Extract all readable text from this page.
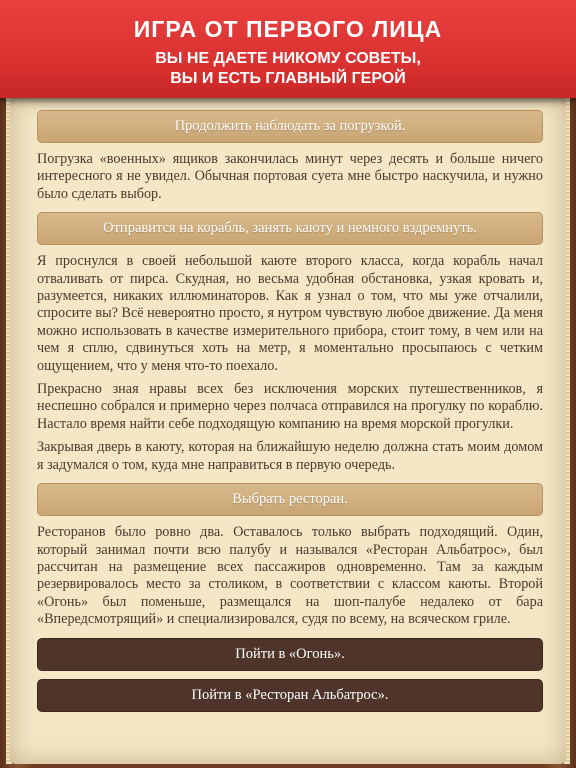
ИГРА ОТ ПЕРВОГО ЛИЦА
ВЫ НЕ ДАЕТЕ НИКОМУ СОВЕТЫ,
ВЫ И ЕСТЬ ГЛАВНЫЙ ГЕРОЙ
Продолжить наблюдать за погрузкой.

Погрузка «военных» ящиков закончилась минут через десять и больше ничего интересного я не увидел. Обычная портовая суета мне быстро наскучила, и нужно было сделать выбор.

Отправится на корабль, занять каюту и немного вздремнуть.

Я проснулся в своей небольшой каюте второго класса, когда корабль начал отваливать от пирса. Скудная, но весьма удобная обстановка, узкая кровать и, разумеется, никаких иллюминаторов. Как я узнал о том, что мы уже отчалили, спросите вы? Всё невероятно просто, я нутром чувствую любое движение. Да меня можно использовать в качестве измерительного прибора, стоит тому, в чем или на чем я сплю, сдвинуться хоть на метр, я моментально просыпаюсь с четким ощущением, что у меня что-то поехало.

Прекрасно зная нравы всех без исключения морских путешественников, я неспешно собрался и примерно через полчаса отправился на прогулку по кораблю. Настало время найти себе подходящую компанию на время морской прогулки.

Закрывая дверь в каюту, которая на ближайшую неделю должна стать моим домом я задумался о том, куда мне направиться в первую очередь.

Выбрать ресторан.

Ресторанов было ровно два. Оставалось только выбрать подходящий. Один, который занимал почти всю палубу и назывался «Ресторан Альбатрос», был рассчитан на размещение всех пассажиров одновременно. Там за каждым резервировалось место за столиком, в соответствии с классом каюты. Второй «Огонь» был поменьше, размещался на шоп-палубе недалеко от бара «Впередсмотрящий» и специализировался, судя по всему, на всяческом гриле.

Пойти в «Огонь».
Пойти в «Ресторан Альбатрос».
